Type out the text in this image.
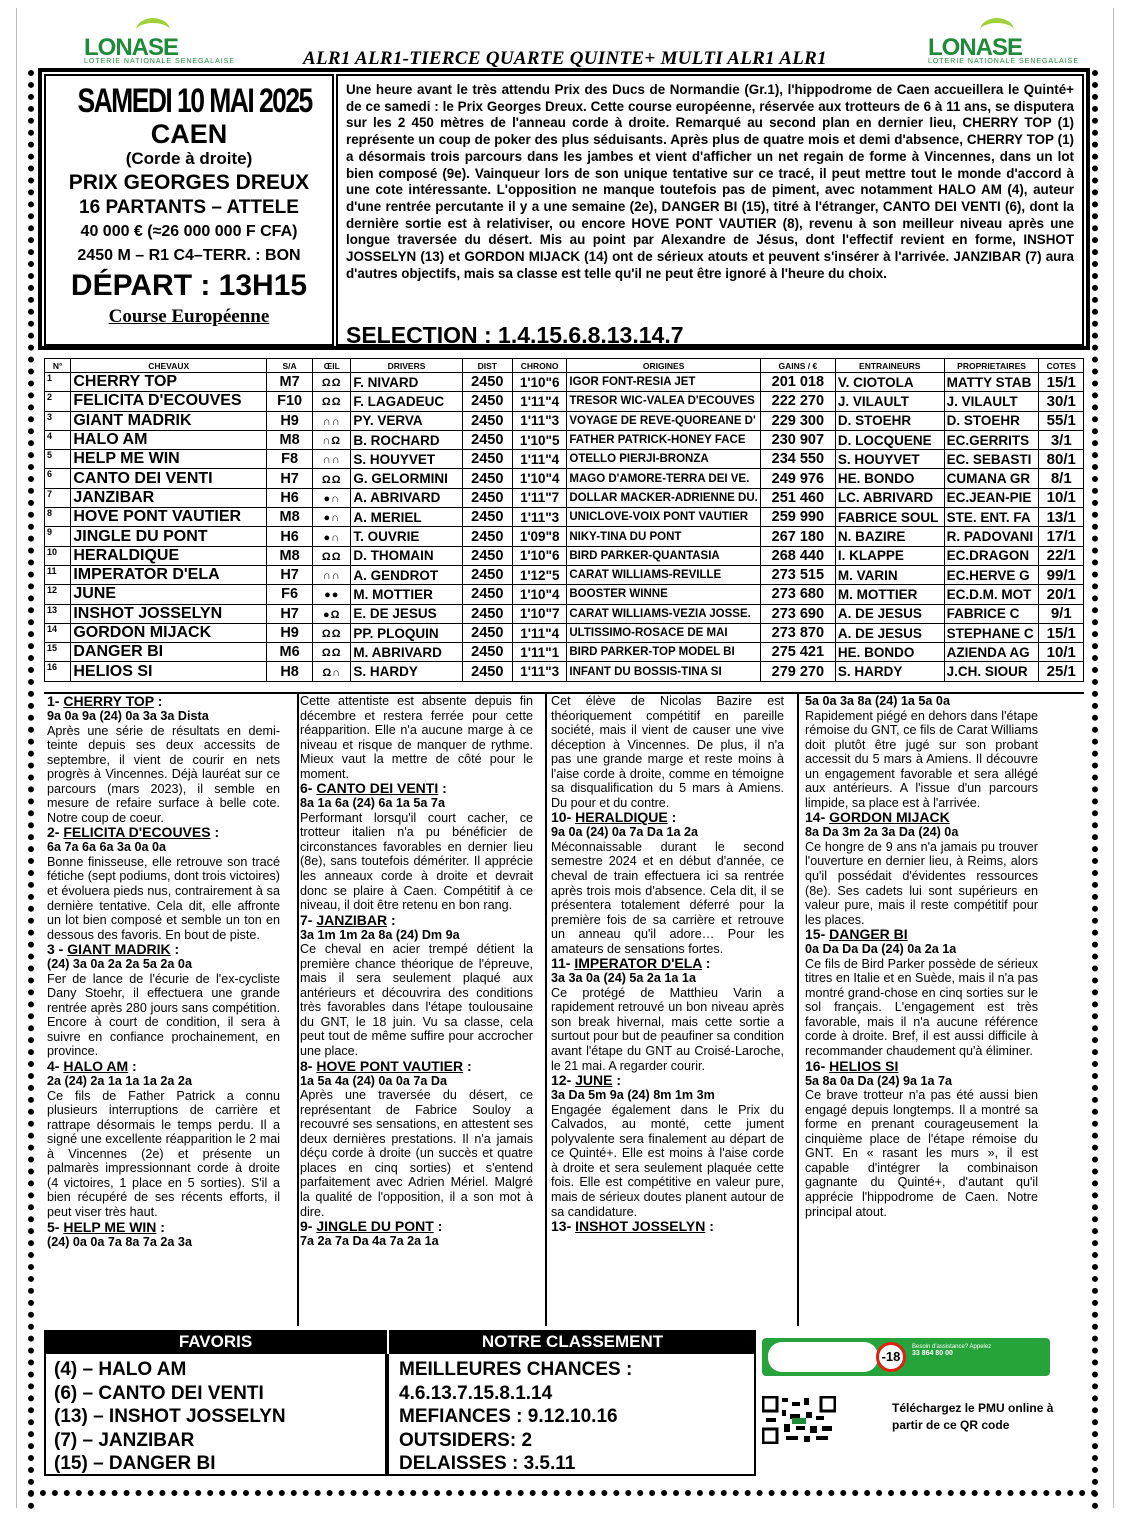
LONASE
LOTERIE NATIONALE SENEGALAISE
LONASE
LOTERIE NATIONALE SENEGALAISE
ALR1 ALR1-TIERCE QUARTE QUINTE+ MULTI ALR1 ALR1
SAMEDI 10 MAI 2025
CAEN
(Corde à droite)
PRIX GEORGES DREUX
16 PARTANTS – ATTELE
40 000 € (≈26 000 000 F CFA)
2450 M – R1 C4–TERR. : BON
DÉPART : 13H15
Course Européenne
Une heure avant le très attendu Prix des Ducs de Normandie (Gr.1), l'hippodrome de Caen accueillera le Quinté+ de ce samedi : le Prix Georges Dreux. Cette course européenne, réservée aux trotteurs de 6 à 11 ans, se disputera sur les 2 450 mètres de l'anneau corde à droite. Remarqué au second plan en dernier lieu, CHERRY TOP (1) représente un coup de poker des plus séduisants. Après plus de quatre mois et demi d'absence, CHERRY TOP (1) a désormais trois parcours dans les jambes et vient d'afficher un net regain de forme à Vincennes, dans un lot bien composé (9e). Vainqueur lors de son unique tentative sur ce tracé, il peut mettre tout le monde d'accord à une cote intéressante. L'opposition ne manque toutefois pas de piment, avec notamment HALO AM (4), auteur d'une rentrée percutante il y a une semaine (2e), DANGER BI (15), titré à l'étranger, CANTO DEI VENTI (6), dont la dernière sortie est à relativiser, ou encore HOVE PONT VAUTIER (8), revenu à son meilleur niveau après une longue traversée du désert. Mis au point par Alexandre de Jésus, dont l'effectif revient en forme, INSHOT JOSSELYN (13) et GORDON MIJACK (14) ont de sérieux atouts et peuvent s'insérer à l'arrivée. JANZIBAR (7) aura d'autres objectifs, mais sa classe est telle qu'il ne peut être ignoré à l'heure du choix.
SELECTION : 1.4.15.6.8.13.14.7
N°	CHEVAUX	S/A	ŒIL	DRIVERS	DIST	CHRONO	ORIGINES	GAINS / €	ENTRAINEURS	PROPRIETAIRES	COTES
1	CHERRY TOP	M7	ΩΩ	F. NIVARD	2450	1'10"6	IGOR FONT-RESIA JET	201 018	V. CIOTOLA	MATTY STAB	15/1
2	FELICITA D'ECOUVES	F10	ΩΩ	F. LAGADEUC	2450	1'11"4	TRESOR WIC-VALEA D'ECOUVES	222 270	J. VILAULT	J. VILAULT	30/1
3	GIANT MADRIK	H9	∩∩	PY. VERVA	2450	1'11"3	VOYAGE DE REVE-QUOREANE D'	229 300	D. STOEHR	D. STOEHR	55/1
4	HALO AM	M8	∩Ω	B. ROCHARD	2450	1'10"5	FATHER PATRICK-HONEY FACE	230 907	D. LOCQUENE	EC.GERRITS	3/1
5	HELP ME WIN	F8	∩∩	S. HOUYVET	2450	1'11"4	OTELLO PIERJI-BRONZA	234 550	S. HOUYVET	EC. SEBASTI	80/1
6	CANTO DEI VENTI	H7	ΩΩ	G. GELORMINI	2450	1'10"4	MAGO D'AMORE-TERRA DEI VE.	249 976	HE. BONDO	CUMANA GR	8/1
7	JANZIBAR	H6	●∩	A. ABRIVARD	2450	1'11"7	DOLLAR MACKER-ADRIENNE DU.	251 460	LC. ABRIVARD	EC.JEAN-PIE	10/1
8	HOVE PONT VAUTIER	M8	●∩	A. MERIEL	2450	1'11"3	UNICLOVE-VOIX PONT VAUTIER	259 990	FABRICE SOUL	STE. ENT. FA	13/1
9	JINGLE DU PONT	H6	●∩	T. OUVRIE	2450	1'09"8	NIKY-TINA DU PONT	267 180	N. BAZIRE	R. PADOVANI	17/1
10	HERALDIQUE	M8	ΩΩ	D. THOMAIN	2450	1'10"6	BIRD PARKER-QUANTASIA	268 440	I. KLAPPE	EC.DRAGON	22/1
11	IMPERATOR D'ELA	H7	∩∩	A. GENDROT	2450	1'12"5	CARAT WILLIAMS-REVILLE	273 515	M. VARIN	EC.HERVE G	99/1
12	JUNE	F6	●●	M. MOTTIER	2450	1'10"4	BOOSTER WINNE	273 680	M. MOTTIER	EC.D.M. MOT	20/1
13	INSHOT JOSSELYN	H7	●Ω	E. DE JESUS	2450	1'10"7	CARAT WILLIAMS-VEZIA JOSSE.	273 690	A. DE JESUS	FABRICE C	9/1
14	GORDON MIJACK	H9	ΩΩ	PP. PLOQUIN	2450	1'11"4	ULTISSIMO-ROSACE DE MAI	273 870	A. DE JESUS	STEPHANE C	15/1
15	DANGER BI	M6	ΩΩ	M. ABRIVARD	2450	1'11"1	BIRD PARKER-TOP MODEL BI	275 421	HE. BONDO	AZIENDA AG	10/1
16	HELIOS SI	H8	Ω∩	S. HARDY	2450	1'11"3	INFANT DU BOSSIS-TINA SI	279 270	S. HARDY	J.CH. SIOUR	25/1
1- CHERRY TOP :
9a 0a 9a (24) 0a 3a 3a Dista
Après une série de résultats en demi-teinte depuis ses deux accessits de septembre, il vient de courir en nets progrès à Vincennes. Déjà lauréat sur ce parcours (mars 2023), il semble en mesure de refaire surface à belle cote. Notre coup de coeur.
2- FELICITA D'ECOUVES :
6a 7a 6a 6a 3a 0a 0a
Bonne finisseuse, elle retrouve son tracé fétiche (sept podiums, dont trois victoires) et évoluera pieds nus, contrairement à sa dernière tentative. Cela dit, elle affronte un lot bien composé et semble un ton en dessous des favoris. En bout de piste.
3 - GIANT MADRIK :
(24) 3a 0a 2a 2a 5a 2a 0a
Fer de lance de l'écurie de l'ex-cycliste Dany Stoehr, il effectuera une grande rentrée après 280 jours sans compétition. Encore à court de condition, il sera à suivre en confiance prochainement, en province.
4- HALO AM :
2a (24) 2a 1a 1a 1a 2a 2a
Ce fils de Father Patrick a connu plusieurs interruptions de carrière et rattrape désormais le temps perdu. Il a signé une excellente réapparition le 2 mai à Vincennes (2e) et présente un palmarès impressionnant corde à droite (4 victoires, 1 place en 5 sorties). S'il a bien récupéré de ses récents efforts, il peut viser très haut.
5- HELP ME WIN :
(24) 0a 0a 7a 8a 7a 2a 3a
Cette attentiste est absente depuis fin décembre et restera ferrée pour cette réapparition. Elle n'a aucune marge à ce niveau et risque de manquer de rythme. Mieux vaut la mettre de côté pour le moment.
6- CANTO DEI VENTI :
8a 1a 6a (24) 6a 1a 5a 7a
Performant lorsqu'il court cacher, ce trotteur italien n'a pu bénéficier de circonstances favorables en dernier lieu (8e), sans toutefois démériter. Il apprécie les anneaux corde à droite et devrait donc se plaire à Caen. Compétitif à ce niveau, il doit être retenu en bon rang.
7- JANZIBAR :
3a 1m 1m 2a 8a (24) Dm 9a
Ce cheval en acier trempé détient la première chance théorique de l'épreuve, mais il sera seulement plaqué aux antérieurs et découvrira des conditions très favorables dans l'étape toulousaine du GNT, le 18 juin. Vu sa classe, cela peut tout de même suffire pour accrocher une place.
8- HOVE PONT VAUTIER :
1a 5a 4a (24) 0a 0a 7a Da
Après une traversée du désert, ce représentant de Fabrice Souloy a recouvré ses sensations, en attestent ses deux dernières prestations. Il n'a jamais déçu corde à droite (un succès et quatre places en cinq sorties) et s'entend parfaitement avec Adrien Mériel. Malgré la qualité de l'opposition, il a son mot à dire.
9- JINGLE DU PONT :
7a 2a 7a Da 4a 7a 2a 1a
Cet élève de Nicolas Bazire est théoriquement compétitif en pareille société, mais il vient de causer une vive déception à Vincennes. De plus, il n'a pas une grande marge et reste moins à l'aise corde à droite, comme en témoigne sa disqualification du 5 mars à Amiens. Du pour et du contre.
10- HERALDIQUE :
9a 0a (24) 0a 7a Da 1a 2a
Méconnaissable durant le second semestre 2024 et en début d'année, ce cheval de train effectuera ici sa rentrée après trois mois d'absence. Cela dit, il se présentera totalement déferré pour la première fois de sa carrière et retrouve un anneau qu'il adore… Pour les amateurs de sensations fortes.
11- IMPERATOR D'ELA :
3a 3a 0a (24) 5a 2a 1a 1a
Ce protégé de Matthieu Varin a rapidement retrouvé un bon niveau après son break hivernal, mais cette sortie a surtout pour but de peaufiner sa condition avant l'étape du GNT au Croisé-Laroche, le 21 mai. A regarder courir.
12- JUNE :
3a Da 5m 9a (24) 8m 1m 3m
Engagée également dans le Prix du Calvados, au monté, cette jument polyvalente sera finalement au départ de ce Quinté+. Elle est moins à l'aise corde à droite et sera seulement plaquée cette fois. Elle est compétitive en valeur pure, mais de sérieux doutes planent autour de sa candidature.
13- INSHOT JOSSELYN :
5a 0a 3a 8a (24) 1a 5a 0a
Rapidement piégé en dehors dans l'étape rémoise du GNT, ce fils de Carat Williams doit plutôt être jugé sur son probant accessit du 5 mars à Amiens. Il découvre un engagement favorable et sera allégé aux antérieurs. A l'issue d'un parcours limpide, sa place est à l'arrivée.
14- GORDON MIJACK
8a Da 3m 2a 3a Da (24) 0a
Ce hongre de 9 ans n'a jamais pu trouver l'ouverture en dernier lieu, à Reims, alors qu'il possédait d'évidentes ressources (8e). Ses cadets lui sont supérieurs en valeur pure, mais il reste compétitif pour les places.
15- DANGER BI
0a Da Da Da (24) 0a 2a 1a
Ce fils de Bird Parker possède de sérieux titres en Italie et en Suède, mais il n'a pas montré grand-chose en cinq sorties sur le sol français. L'engagement est très favorable, mais il n'a aucune référence corde à droite. Bref, il est aussi difficile à recommander chaudement qu'à éliminer.
16- HELIOS SI
5a 8a 0a Da (24) 9a 1a 7a
Ce brave trotteur n'a pas été aussi bien engagé depuis longtemps. Il a montré sa forme en prenant courageusement la cinquième place de l'étape rémoise du GNT. En « rasant les murs », il est capable d'intégrer la combinaison gagnante du Quinté+, d'autant qu'il apprécie l'hippodrome de Caen. Notre principal atout.
FAVORIS	NOTRE CLASSEMENT
(4) – HALO AM
(6) – CANTO DEI VENTI
(13) – INSHOT JOSSELYN
(7) – JANZIBAR
(15) – DANGER BI
MEILLEURES CHANCES :
4.6.13.7.15.8.1.14
MEFIANCES : 9.12.10.16
OUTSIDERS: 2
DELAISSES : 3.5.11
-18
Besoin d'assistance? Appelez
33 864 80 00
Téléchargez le PMU online à partir de ce QR code
